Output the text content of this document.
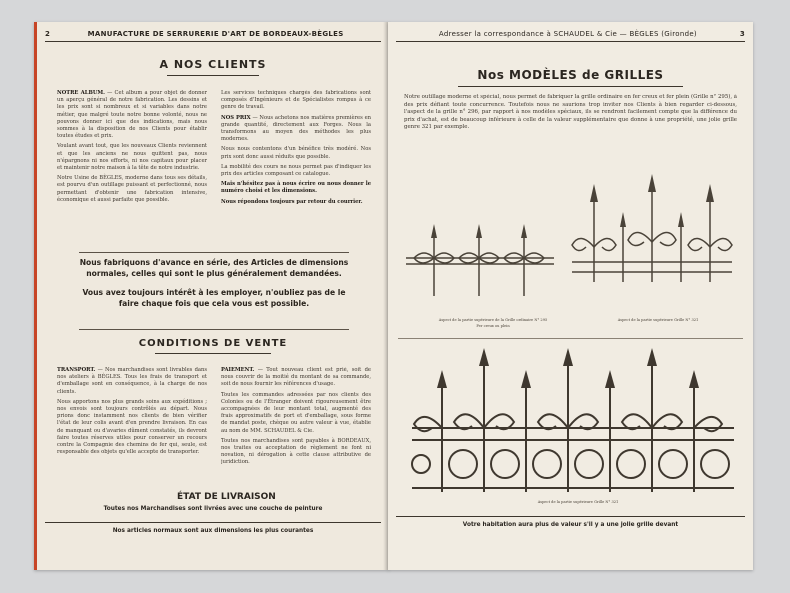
2	MANUFACTURE DE SERRURERIE D'ART DE BORDEAUX-BÈGLES
A NOS CLIENTS

NOTRE ALBUM. — Cet album a pour objet de donner un aperçu général de notre fabrication. Les dessins et les prix sont si nombreux et si variables dans notre métier, que malgré toute notre bonne volonté, nous ne pouvons donner ici que des indications, mais nous sommes à la disposition de nos Clients pour établir toutes études et prix.

Voulant avant tout, que les nouveaux Clients reviennent et que les anciens ne nous quittent pas, nous n'épargnons ni nos efforts, ni nos capitaux pour placer et maintenir notre maison à la tête de notre industrie.

Notre Usine de BÈGLES, moderne dans tous ses détails, est pourvu d'un outillage puissant et perfectionné, nous permettant d'obtenir une fabrication intensive, économique et aussi parfaite que possible.

Les services techniques chargés des fabrications sont composés d'Ingénieurs et de Spécialistes rompus à ce genre de travail.

NOS PRIX — Nous achetons nos matières premières en grande quantité, directement aux Forges. Nous la transformons au moyen des méthodes les plus modernes.

Nous nous contentons d'un bénéfice très modéré. Nos prix sont donc aussi réduits que possible.

La mobilité des cours ne nous permet pas d'indiquer les prix des articles composant ce catalogue.

Mais n'hésitez pas à nous écrire ou nous donner le numéro choisi et les dimensions.

Nous répondons toujours par retour du courrier.

Nous fabriquons d'avance en série, des Articles de dimensions normales, celles qui sont le plus généralement demandées.
Vous avez toujours intérêt à les employer, n'oubliez pas de le faire chaque fois que cela vous est possible.
CONDITIONS DE VENTE

TRANSPORT. — Nos marchandises sont livrables dans nos ateliers à BÈGLES. Tous les frais de transport et d'emballage sont en conséquence, à la charge de nos clients.

Nous apportons nos plus grands soins aux expéditions ; nos envois sont toujours contrôlés au départ. Nous prions donc instamment nos clients de bien vérifier l'état de leur colis avant d'en prendre livraison. En cas de manquant ou d'avaries dûment constatés, ils devront faire toutes réserves utiles pour conserver un recours contre la Compagnie des chemins de fer qui, seule, est responsable des objets qu'elle accepte de transporter.

PAIEMENT. — Tout nouveau client est prié, soit de nous couvrir de la moitié du montant de sa commande, soit de nous fournir les références d'usage.

Toutes les commandes adressées par nos clients des Colonies ou de l'Étranger doivent rigoureusement être accompagnées de leur montant total, augmenté des frais approximatifs de port et d'emballage, sous forme de mandat poste, chèque ou autre valeur à vue, établie au nom de MM. SCHAUDEL & Cie.

Toutes nos marchandises sont payables à BORDEAUX, nos traites ou acceptation de règlement ne font ni novation, ni dérogation à cette clause attributive de juridiction.

ÉTAT DE LIVRAISON
Toutes nos Marchandises sont livrées avec une couche de peinture
Nos articles normaux sont aux dimensions les plus courantes
Adresser la correspondance à SCHAUDEL & Cie — BÈGLES (Gironde)	3
Nos MODÈLES de GRILLES
Notre outillage moderne et spécial, nous permet de fabriquer la grille ordinaire en fer creux et fer plein (Grille n° 295), à des prix défiant toute concurrence. Toutefois nous ne saurions trop inviter nos Clients à bien regarder ci-dessous, l'aspect de la grille n° 296, par rapport à nos modèles spéciaux, ils se rendront facilement compte que la différence du prix d'achat, est de beaucoup inférieure à celle de la valeur supplémentaire que donne à une propriété, une jolie grille genre 321 par exemple.
Aspect de la partie supérieure de la Grille ordinaire N° 295
Fer creux ou plein
Aspect de la partie supérieure Grille N° 321
Aspect de la partie supérieure Grille N° 321
Votre habitation aura plus de valeur s'il y a une jolie grille devant
